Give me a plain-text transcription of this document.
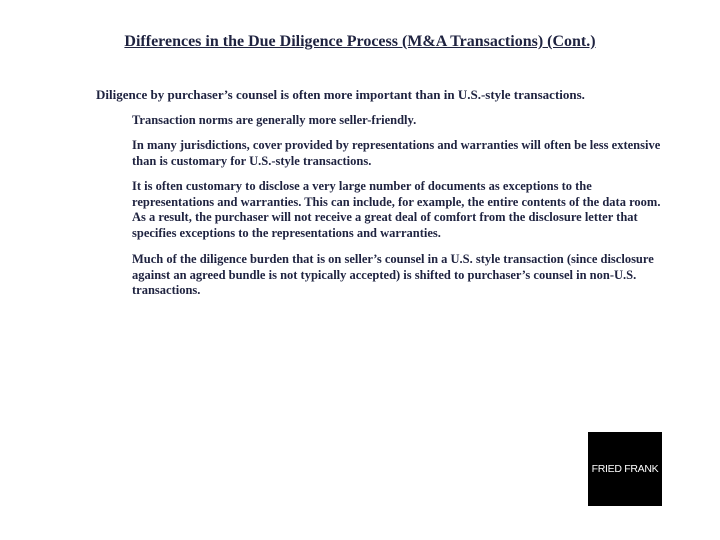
Differences in the Due Diligence Process (M&A Transactions) (Cont.)
Diligence by purchaser’s counsel is often more important than in U.S.-style transactions.
Transaction norms are generally more seller-friendly.
In many jurisdictions, cover provided by representations and warranties will often be less extensive than is customary for U.S.-style transactions.
It is often customary to disclose a very large number of documents as exceptions to the representations and warranties. This can include, for example, the entire contents of the data room. As a result, the purchaser will not receive a great deal of comfort from the disclosure letter that specifies exceptions to the representations and warranties.
Much of the diligence burden that is on seller’s counsel in a U.S. style transaction (since disclosure against an agreed bundle is not typically accepted) is shifted to purchaser’s counsel in non-U.S. transactions.
FRIED FRANK
